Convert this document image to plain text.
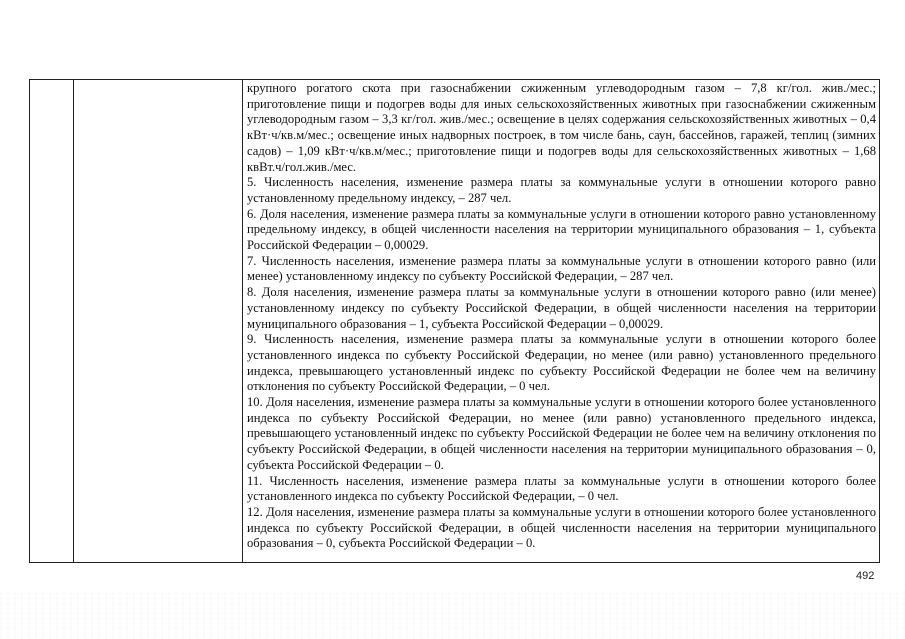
крупного рогатого скота при газоснабжении сжиженным углеводородным газом – 7,8 кг/гол. жив./мес.; приготовление пищи и подогрев воды для иных сельскохозяйственных животных при газоснабжении сжиженным углеводородным газом – 3,3 кг/гол. жив./мес.; освещение в целях содержания сельскохозяйственных животных – 0,4 кВт·ч/кв.м/мес.; освещение иных надворных построек, в том числе бань, саун, бассейнов, гаражей, теплиц (зимних садов) – 1,09 кВт·ч/кв.м/мес.; приготовление пищи и подогрев воды для сельскохозяйственных животных – 1,68 квВт.ч/гол.жив./мес.

5. Численность населения, изменение размера платы за коммунальные услуги в отношении которого равно установленному предельному индексу, – 287 чел.

6. Доля населения, изменение размера платы за коммунальные услуги в отношении которого равно установленному предельному индексу, в общей численности населения на территории муниципального образования – 1, субъекта Российской Федерации – 0,00029.

7. Численность населения, изменение размера платы за коммунальные услуги в отношении которого равно (или менее) установленному индексу по субъекту Российской Федерации, – 287 чел.

8. Доля населения, изменение размера платы за коммунальные услуги в отношении которого равно (или менее) установленному индексу по субъекту Российской Федерации, в общей численности населения на территории муниципального образования – 1, субъекта Российской Федерации – 0,00029.

9. Численность населения, изменение размера платы за коммунальные услуги в отношении которого более установленного индекса по субъекту Российской Федерации, но менее (или равно) установленного предельного индекса, превышающего установленный индекс по субъекту Российской Федерации не более чем на величину отклонения по субъекту Российской Федерации, – 0 чел.

10. Доля населения, изменение размера платы за коммунальные услуги в отношении которого более установленного индекса по субъекту Российской Федерации, но менее (или равно) установленного предельного индекса, превышающего установленный индекс по субъекту Российской Федерации не более чем на величину отклонения по субъекту Российской Федерации, в общей численности населения на территории муниципального образования – 0, субъекта Российской Федерации – 0.

11. Численность населения, изменение размера платы за коммунальные услуги в отношении которого более установленного индекса по субъекту Российской Федерации, – 0 чел.

12. Доля населения, изменение размера платы за коммунальные услуги в отношении которого более установленного индекса по субъекту Российской Федерации, в общей численности населения на территории муниципального образования – 0, субъекта Российской Федерации – 0.

492
